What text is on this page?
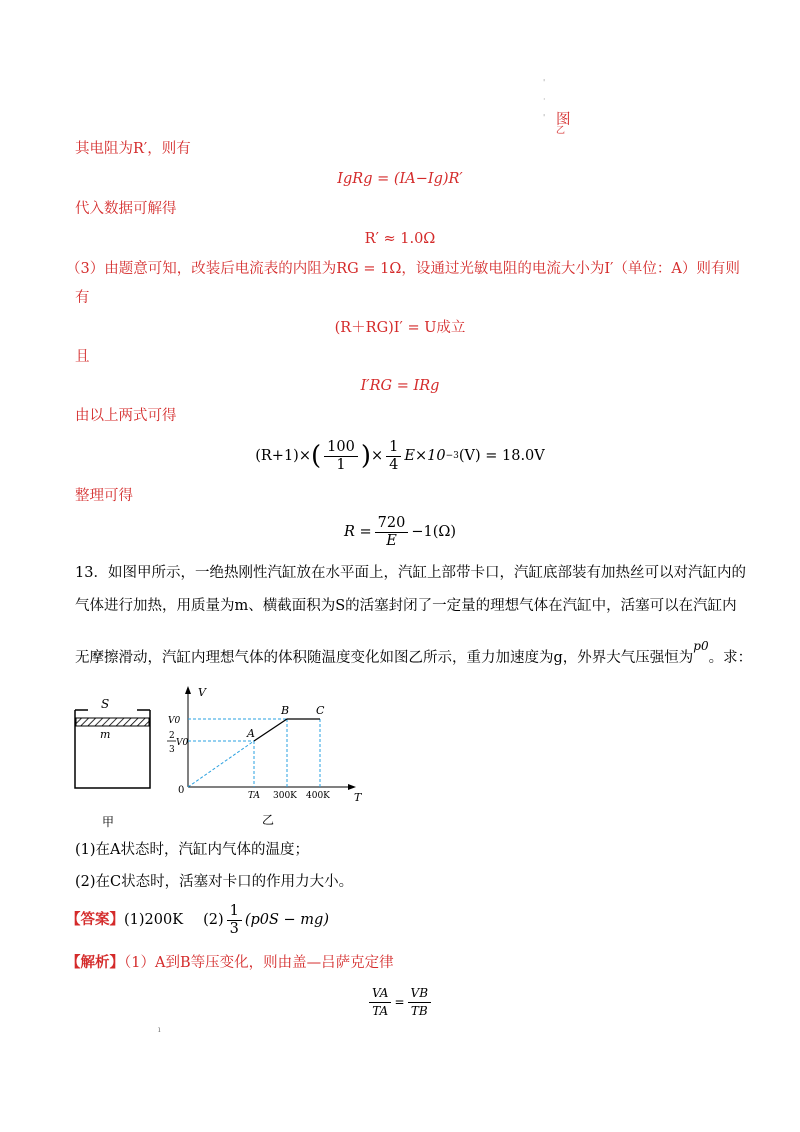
'
·
' 图
乙
其电阻为R′，则有
IgRg = (IA−Ig)R′
代入数据可解得
R′ ≈ 1.0Ω
（3）由题意可知，改装后电流表的内阻为RG = 1Ω，设通过光敏电阻的电流大小为I′（单位：A）则有则
有
(R＋RG)I′ = U成立
且
I′RG = IRg
由以上两式可得
(R+1)× ( $\frac{100}{1}$ ) × $\frac{1}{4} E\times 10 -3$ (V) = 18.0V
整理可得
$R = \frac{720}{E} -1(\Omega)$
13．如图甲所示，一绝热刚性汽缸放在水平面上，汽缸上部带卡口，汽缸底部装有加热丝可以对汽缸内的
气体进行加热，用质量为m、横截面积为S的活塞封闭了一定量的理想气体在汽缸中，活塞可以在汽缸内
无摩擦滑动，汽缸内理想气体的体积随温度变化如图乙所示，重力加速度为g，外界大气压强恒为$^{p0}$。求：
S
m
甲
V
T
0
V0
2
3
V0
A
B C
TA 300K 400K
乙
(1)在A状态时，汽缸内气体的温度；
(2)在C状态时，活塞对卡口的作用力大小。
【答案】 (1)200K $(2) \frac{1}{3} (p0S - mg)$
【解析】（1）A到B等压变化，则由盖—吕萨克定律
$\frac{VA}{TA} = \frac{VB}{TB}$
ı
